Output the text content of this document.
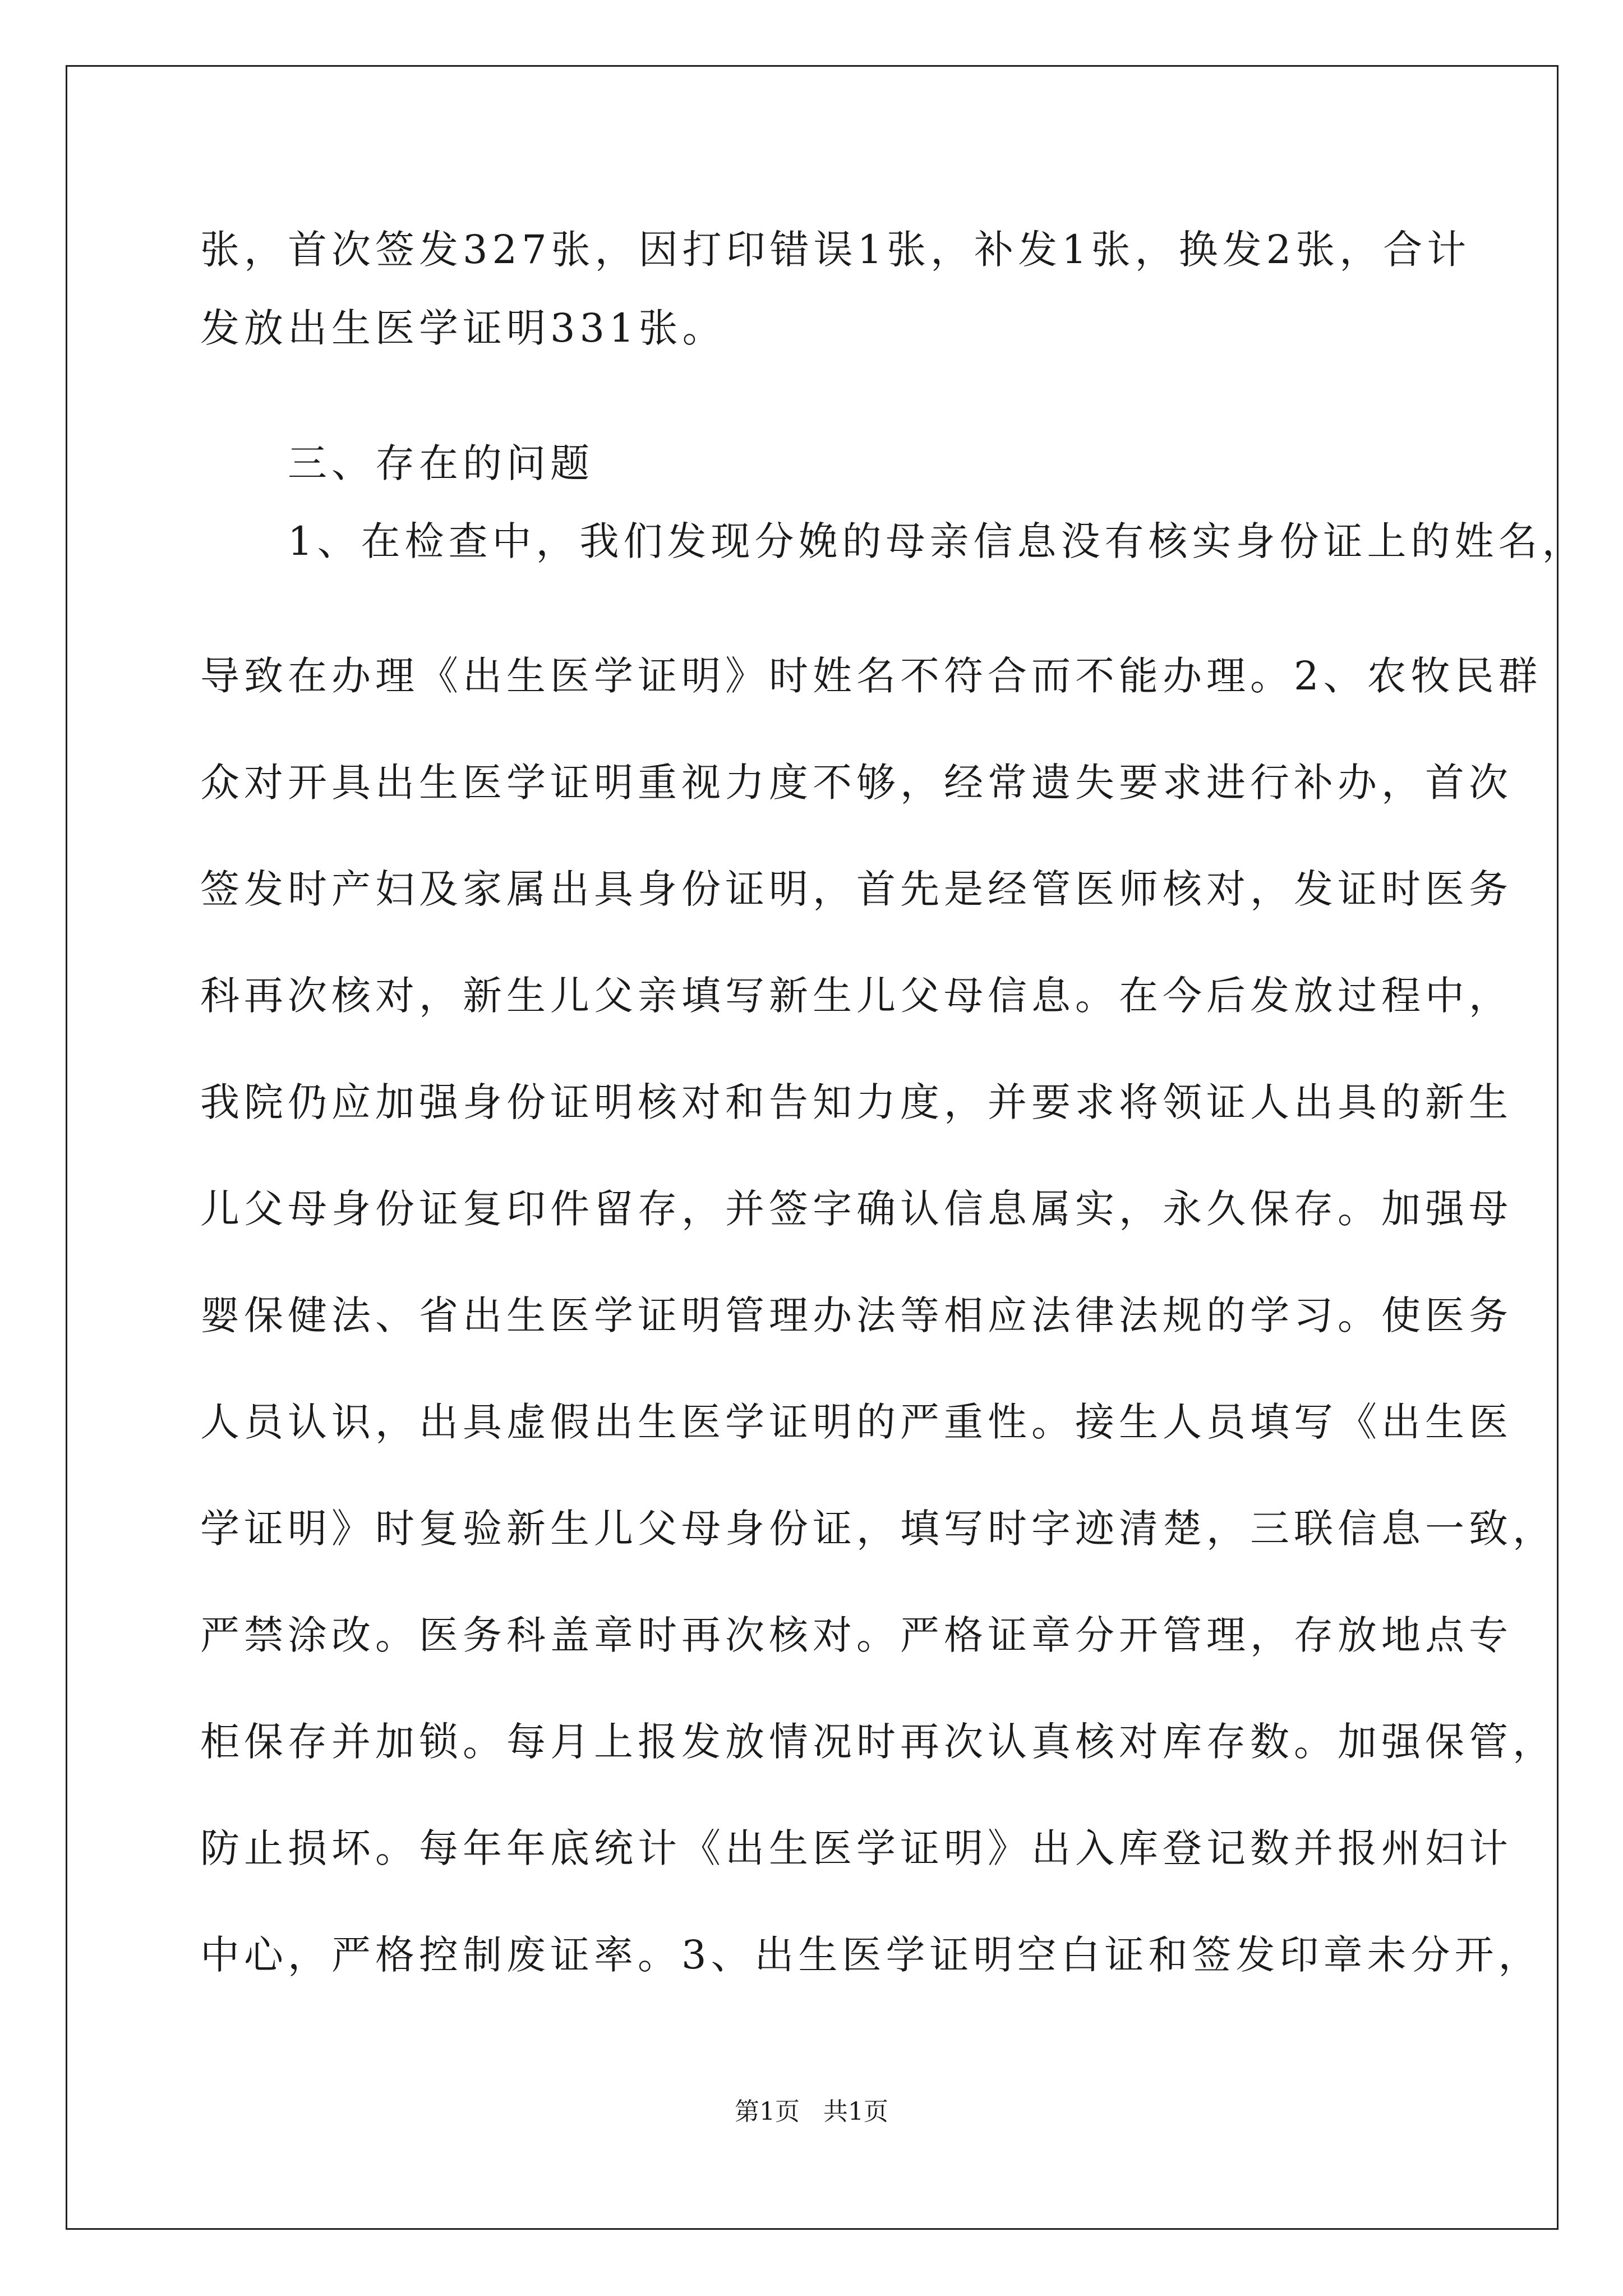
张，首次签发327张，因打印错误1张，补发1张，换发2张，合计
发放出生医学证明331张。
　　三、存在的问题
　　1、在检查中，我们发现分娩的母亲信息没有核实身份证上的姓名，
导致在办理《出生医学证明》时姓名不符合而不能办理。2、农牧民群
众对开具出生医学证明重视力度不够，经常遗失要求进行补办，首次
签发时产妇及家属出具身份证明，首先是经管医师核对，发证时医务
科再次核对，新生儿父亲填写新生儿父母信息。在今后发放过程中，
我院仍应加强身份证明核对和告知力度，并要求将领证人出具的新生
儿父母身份证复印件留存，并签字确认信息属实，永久保存。加强母
婴保健法、省出生医学证明管理办法等相应法律法规的学习。使医务
人员认识，出具虚假出生医学证明的严重性。接生人员填写《出生医
学证明》时复验新生儿父母身份证，填写时字迹清楚，三联信息一致，
严禁涂改。医务科盖章时再次核对。严格证章分开管理，存放地点专
柜保存并加锁。每月上报发放情况时再次认真核对库存数。加强保管，
防止损坏。每年年底统计《出生医学证明》出入库登记数并报州妇计
中心，严格控制废证率。3、出生医学证明空白证和签发印章未分开，
第1页 共1页
